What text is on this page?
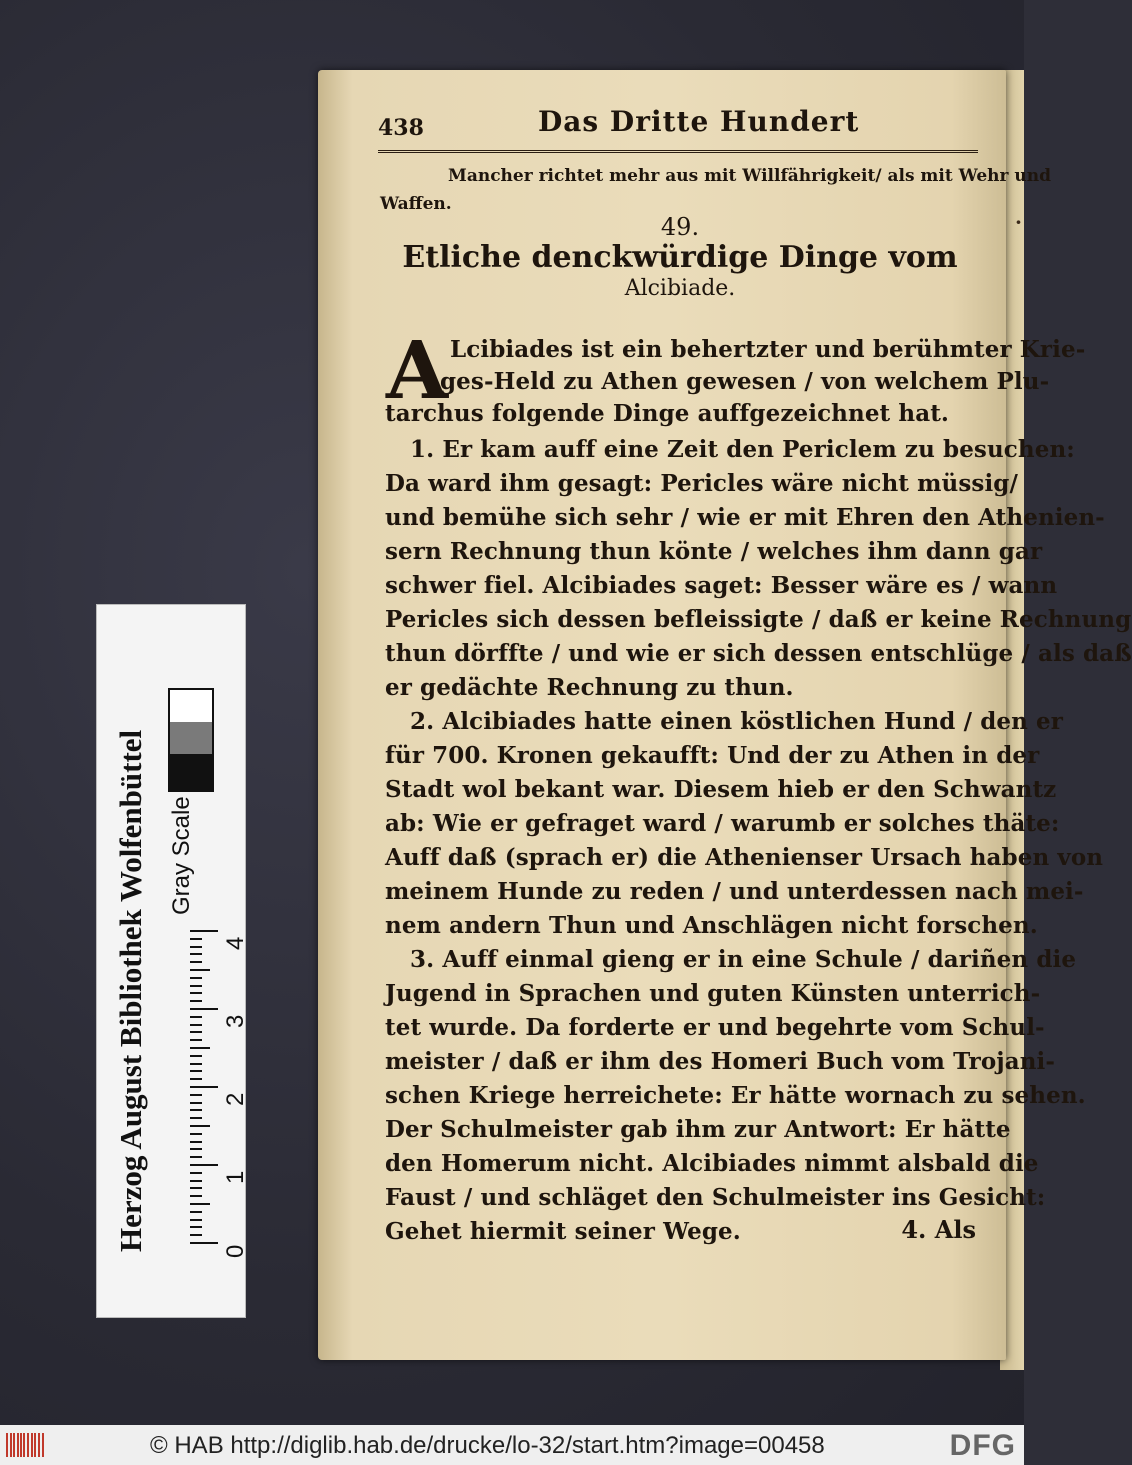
·
438	Das Dritte Hundert
Mancher richtet mehr aus mit Willfährigkeit/ als mit Wehr und
Waffen.
49.
Etliche denckwürdige Dinge vom
Alcibiade.
A Lcibiades ist ein behertzter und berühmter Krie-
ges-Held zu Athen gewesen / von welchem Plu-
tarchus folgende Dinge auffgezeichnet hat.
1. Er kam auff eine Zeit den Periclem zu besuchen:
Da ward ihm gesagt: Pericles wäre nicht müssig/
und bemühe sich sehr / wie er mit Ehren den Athenien-
sern Rechnung thun könte / welches ihm dann gar
schwer fiel. Alcibiades saget: Besser wäre es / wann
Pericles sich dessen befleissigte / daß er keine Rechnung
thun dörffte / und wie er sich dessen entschlüge / als daß
er gedächte Rechnung zu thun.
2. Alcibiades hatte einen köstlichen Hund / den er
für 700. Kronen gekaufft: Und der zu Athen in der
Stadt wol bekant war. Diesem hieb er den Schwantz
ab: Wie er gefraget ward / warumb er solches thäte:
Auff daß (sprach er) die Athenienser Ursach haben von
meinem Hunde zu reden / und unterdessen nach mei-
nem andern Thun und Anschlägen nicht forschen.
3. Auff einmal gieng er in eine Schule / dariñen die
Jugend in Sprachen und guten Künsten unterrich-
tet wurde. Da forderte er und begehrte vom Schul-
meister / daß er ihm des Homeri Buch vom Trojani-
schen Kriege herreichete: Er hätte wornach zu sehen.
Der Schulmeister gab ihm zur Antwort: Er hätte
den Homerum nicht. Alcibiades nimmt alsbald die
Faust / und schläget den Schulmeister ins Gesicht:
Gehet hiermit seiner Wege.	4. Als
Herzog August Bibliothek Wolfenbüttel Gray Scale
4
3
2
1
0
© HAB http://diglib.hab.de/drucke/lo-32/start.htm?image=00458	DFG
